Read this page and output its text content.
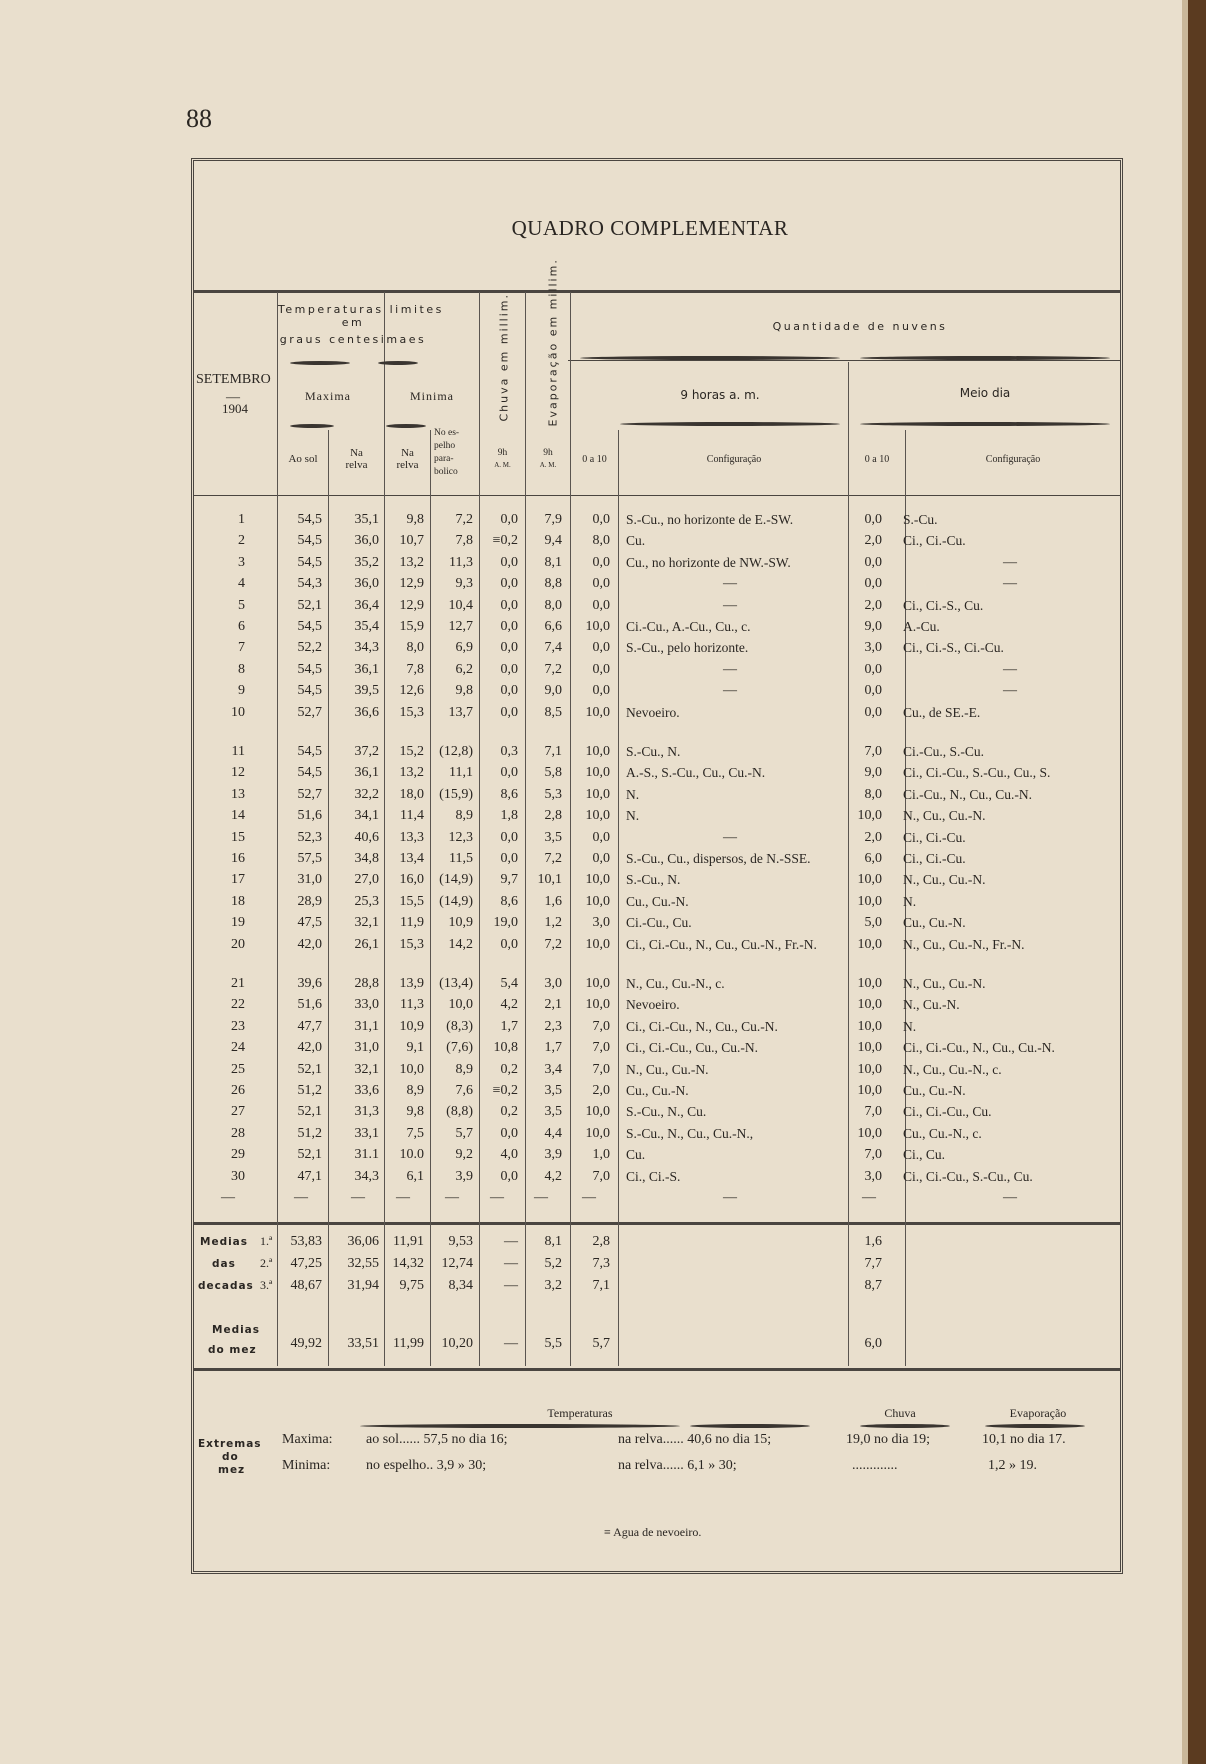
88
QUADRO COMPLEMENTAR
SETEMBRO
—
1904
Temperaturas limites
em
graus centesimaes
Maxima	Minima
Ao sol	Na
relva
Na
relva
No es-
pelho
para-
bolico
Chuva em millim.	Evaporação em millim.
9h
A. M.
9h
A. M.
Quantidade de nuvens
9 horas a. m.	Meio dia
0 a 10	Configuração	0 a 10	Configuração
1	54,5	35,1	9,8	7,2	0,0	7,9	0,0 S.-Cu., no horizonte de E.-SW.	0,0 S.-Cu.
2	54,5	36,0	10,7	7,8	≡0,2	9,4	8,0 Cu.	2,0 Ci., Ci.-Cu.
3	54,5	35,2	13,2	11,3	0,0	8,1	0,0 Cu., no horizonte de NW.-SW.	0,0	—
4	54,3	36,0	12,9	9,3	0,0	8,8	0,0	—	0,0	—
5	52,1	36,4	12,9	10,4	0,0	8,0	0,0	—	2,0 Ci., Ci.-S., Cu.
6	54,5	35,4	15,9	12,7	0,0	6,6	10,0 Ci.-Cu., A.-Cu., Cu., c.	9,0 A.-Cu.
7	52,2	34,3	8,0	6,9	0,0	7,4	0,0 S.-Cu., pelo horizonte.	3,0 Ci., Ci.-S., Ci.-Cu.
8	54,5	36,1	7,8	6,2	0,0	7,2	0,0	—	0,0	—
9	54,5	39,5	12,6	9,8	0,0	9,0	0,0	—	0,0	—
10	52,7	36,6	15,3	13,7	0,0	8,5	10,0 Nevoeiro.	0,0 Cu., de SE.-E.
11	54,5	37,2	15,2	(12,8)	0,3	7,1	10,0 S.-Cu., N.	7,0 Ci.-Cu., S.-Cu.
12	54,5	36,1	13,2	11,1	0,0	5,8	10,0 A.-S., S.-Cu., Cu., Cu.-N.	9,0 Ci., Ci.-Cu., S.-Cu., Cu., S.
13	52,7	32,2	18,0	(15,9)	8,6	5,3	10,0 N.	8,0 Ci.-Cu., N., Cu., Cu.-N.
14	51,6	34,1	11,4	8,9	1,8	2,8	10,0 N.	10,0 N., Cu., Cu.-N.
15	52,3	40,6	13,3	12,3	0,0	3,5	0,0	—	2,0 Ci., Ci.-Cu.
16	57,5	34,8	13,4	11,5	0,0	7,2	0,0 S.-Cu., Cu., dispersos, de N.-SSE.	6,0 Ci., Ci.-Cu.
17	31,0	27,0	16,0	(14,9)	9,7	10,1	10,0 S.-Cu., N.	10,0 N., Cu., Cu.-N.
18	28,9	25,3	15,5	(14,9)	8,6	1,6	10,0 Cu., Cu.-N.	10,0 N.
19	47,5	32,1	11,9	10,9	19,0	1,2	3,0 Ci.-Cu., Cu.	5,0 Cu., Cu.-N.
20	42,0	26,1	15,3	14,2	0,0	7,2	10,0 Ci., Ci.-Cu., N., Cu., Cu.-N., Fr.-N.	10,0 N., Cu., Cu.-N., Fr.-N.
21	39,6	28,8	13,9	(13,4)	5,4	3,0	10,0 N., Cu., Cu.-N., c.	10,0 N., Cu., Cu.-N.
22	51,6	33,0	11,3	10,0	4,2	2,1	10,0 Nevoeiro.	10,0 N., Cu.-N.
23	47,7	31,1	10,9	(8,3)	1,7	2,3	7,0 Ci., Ci.-Cu., N., Cu., Cu.-N.	10,0 N.
24	42,0	31,0	9,1	(7,6)	10,8	1,7	7,0 Ci., Ci.-Cu., Cu., Cu.-N.	10,0 Ci., Ci.-Cu., N., Cu., Cu.-N.
25	52,1	32,1	10,0	8,9	0,2	3,4	7,0 N., Cu., Cu.-N.	10,0 N., Cu., Cu.-N., c.
26	51,2	33,6	8,9	7,6	≡0,2	3,5	2,0 Cu., Cu.-N.	10,0 Cu., Cu.-N.
27	52,1	31,3	9,8	(8,8)	0,2	3,5	10,0 S.-Cu., N., Cu.	7,0 Ci., Ci.-Cu., Cu.
28	51,2	33,1	7,5	5,7	0,0	4,4	10,0 S.-Cu., N., Cu., Cu.-N.,	10,0 Cu., Cu.-N., c.
29	52,1	31.1	10.0	9,2	4,0	3,9	1,0 Cu.	7,0 Ci., Cu.
30	47,1	34,3	6,1	3,9	0,0	4,2	7,0 Ci., Ci.-S.	3,0 Ci., Ci.-Cu., S.-Cu., Cu.
—	—	—	—	—	—	—	—	—	—	—
Medias
das
decadas
1.ª	53,83	36,06	11,91	9,53	—	8,1	2,8	1,6
2.ª	47,25	32,55 14,32	12,74	—	5,2	7,3	7,7
3.ª	48,67	31,94	9,75	8,34	—	3,2	7,1	8,7
Medias
do mez	49,92	33,51	11,99	10,20	—	5,5	5,7	6,0
Temperaturas	Chuva	Evaporação
Extremas
do
mez
Maxima:
Minima:
ao sol...... 57,5 no dia 16;	na relva...... 40,6 no dia 15;	19,0 no dia 19;	10,1 no dia 17.
no espelho.. 3,9 » 30;	na relva...... 6,1 » 30;	.............	1,2 » 19.
≡ Agua de nevoeiro.
